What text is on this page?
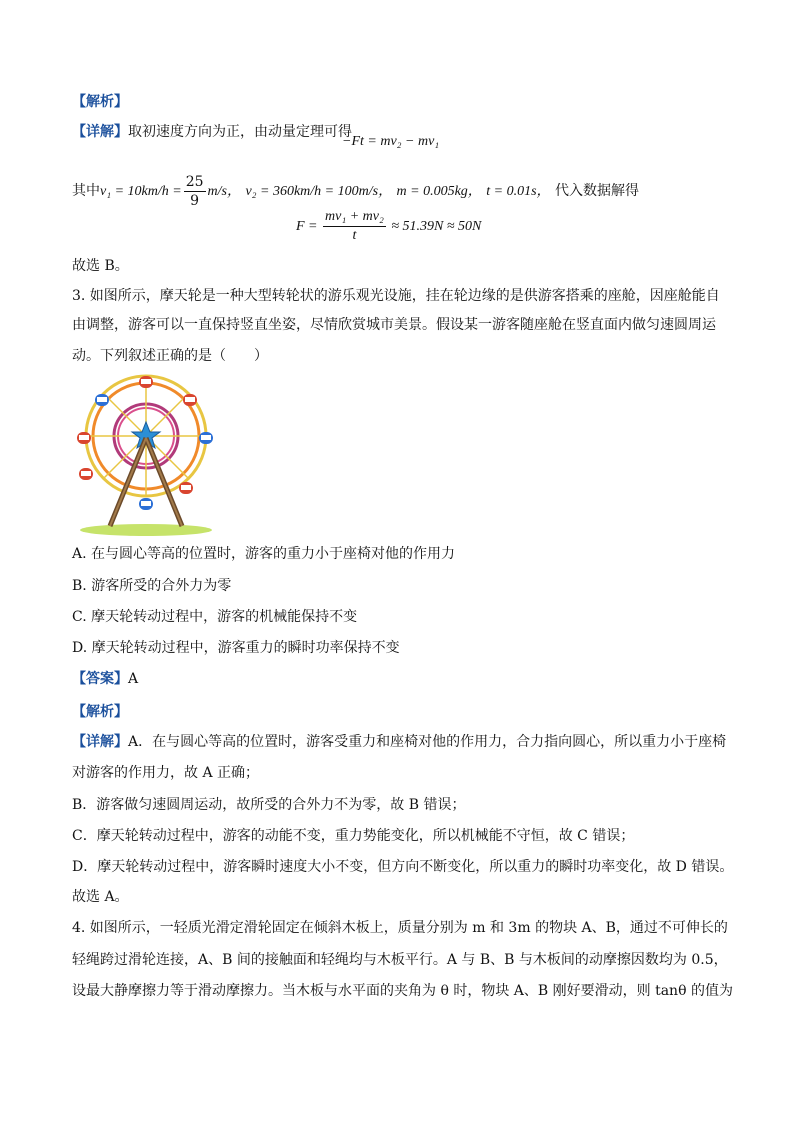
【解析】
【详解】取初速度方向为正，由动量定理可得
−Ft = mv₂ − mv₁
其中$v_1 = 10km/h = \frac{25}{9} m/s$， v₂ = 360km/h = 100m/s， m = 0.005kg， t = 0.01s， 代入数据解得
$F = \frac{\text{mv₁ + mv₂}}{t} \approx 51.39N \approx 50N$
故选 B。
3. 如图所示，摩天轮是一种大型转轮状的游乐观光设施，挂在轮边缘的是供游客搭乘的座舱，因座舱能自
由调整，游客可以一直保持竖直坐姿，尽情欣赏城市美景。假设某一游客随座舱在竖直面内做匀速圆周运
动。下列叙述正确的是（　　）
A. 在与圆心等高的位置时，游客的重力小于座椅对他的作用力
B. 游客所受的合外力为零
C. 摩天轮转动过程中，游客的机械能保持不变
D. 摩天轮转动过程中，游客重力的瞬时功率保持不变
【答案】A
【解析】
【详解】A．在与圆心等高的位置时，游客受重力和座椅对他的作用力，合力指向圆心，所以重力小于座椅
对游客的作用力，故 A 正确；
B．游客做匀速圆周运动，故所受的合外力不为零，故 B 错误；
C．摩天轮转动过程中，游客的动能不变，重力势能变化，所以机械能不守恒，故 C 错误；
D．摩天轮转动过程中，游客瞬时速度大小不变，但方向不断变化，所以重力的瞬时功率变化，故 D 错误。
故选 A。
4. 如图所示，一轻质光滑定滑轮固定在倾斜木板上，质量分别为 m 和 3m 的物块 A、B，通过不可伸长的
轻绳跨过滑轮连接，A、B 间的接触面和轻绳均与木板平行。A 与 B、B 与木板间的动摩擦因数均为 0.5，
设最大静摩擦力等于滑动摩擦力。当木板与水平面的夹角为 θ 时，物块 A、B 刚好要滑动，则 tanθ 的值为
